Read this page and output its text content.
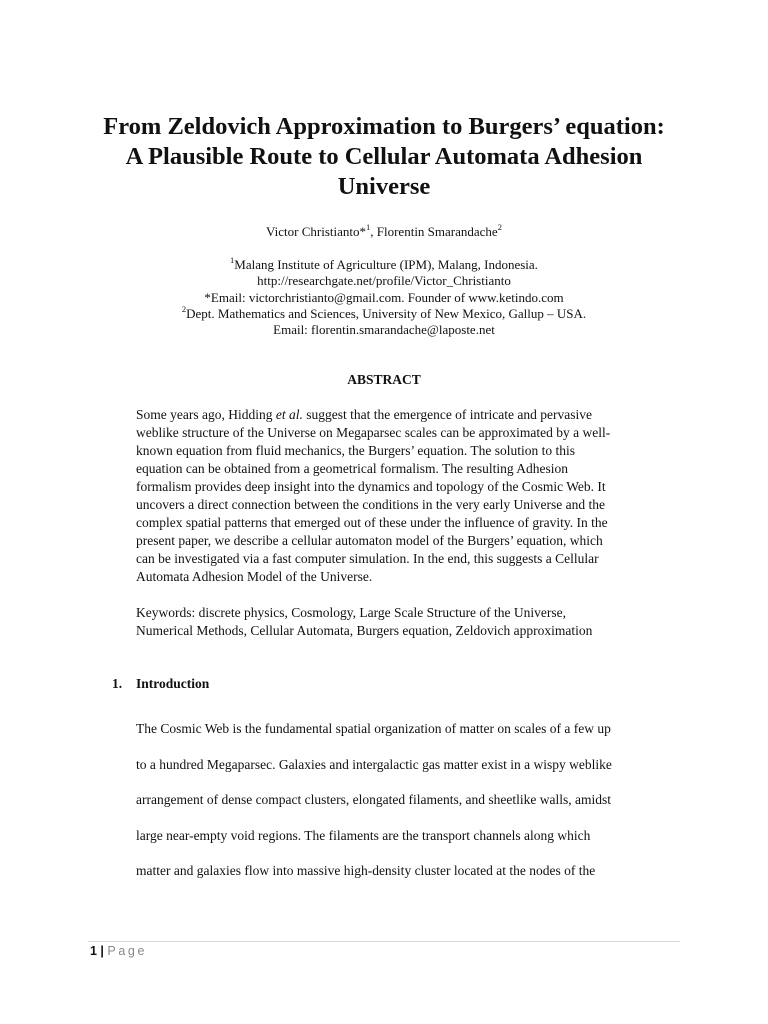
From Zeldovich Approximation to Burgers’ equation:
A Plausible Route to Cellular Automata Adhesion
Universe
Victor Christianto*$^1$, Florentin Smarandache$^2$
$^1$Malang Institute of Agriculture (IPM), Malang, Indonesia.
http://researchgate.net/profile/Victor_Christianto
*Email: victorchristianto@gmail.com. Founder of www.ketindo.com
$^2$Dept. Mathematics and Sciences, University of New Mexico, Gallup – USA.
Email: florentin.smarandache@laposte.net
ABSTRACT
Some years ago, Hidding et al. suggest that the emergence of intricate and pervasive
weblike structure of the Universe on Megaparsec scales can be approximated by a well-
known equation from fluid mechanics, the Burgers’ equation. The solution to this
equation can be obtained from a geometrical formalism. The resulting Adhesion
formalism provides deep insight into the dynamics and topology of the Cosmic Web. It
uncovers a direct connection between the conditions in the very early Universe and the
complex spatial patterns that emerged out of these under the influence of gravity. In the
present paper, we describe a cellular automaton model of the Burgers’ equation, which
can be investigated via a fast computer simulation. In the end, this suggests a Cellular
Automata Adhesion Model of the Universe.
Keywords: discrete physics, Cosmology, Large Scale Structure of the Universe,
Numerical Methods, Cellular Automata, Burgers equation, Zeldovich approximation
1. Introduction
The Cosmic Web is the fundamental spatial organization of matter on scales of a few up
to a hundred Megaparsec. Galaxies and intergalactic gas matter exist in a wispy weblike
arrangement of dense compact clusters, elongated filaments, and sheetlike walls, amidst
large near-empty void regions. The filaments are the transport channels along which
matter and galaxies flow into massive high-density cluster located at the nodes of the
1 | Page
